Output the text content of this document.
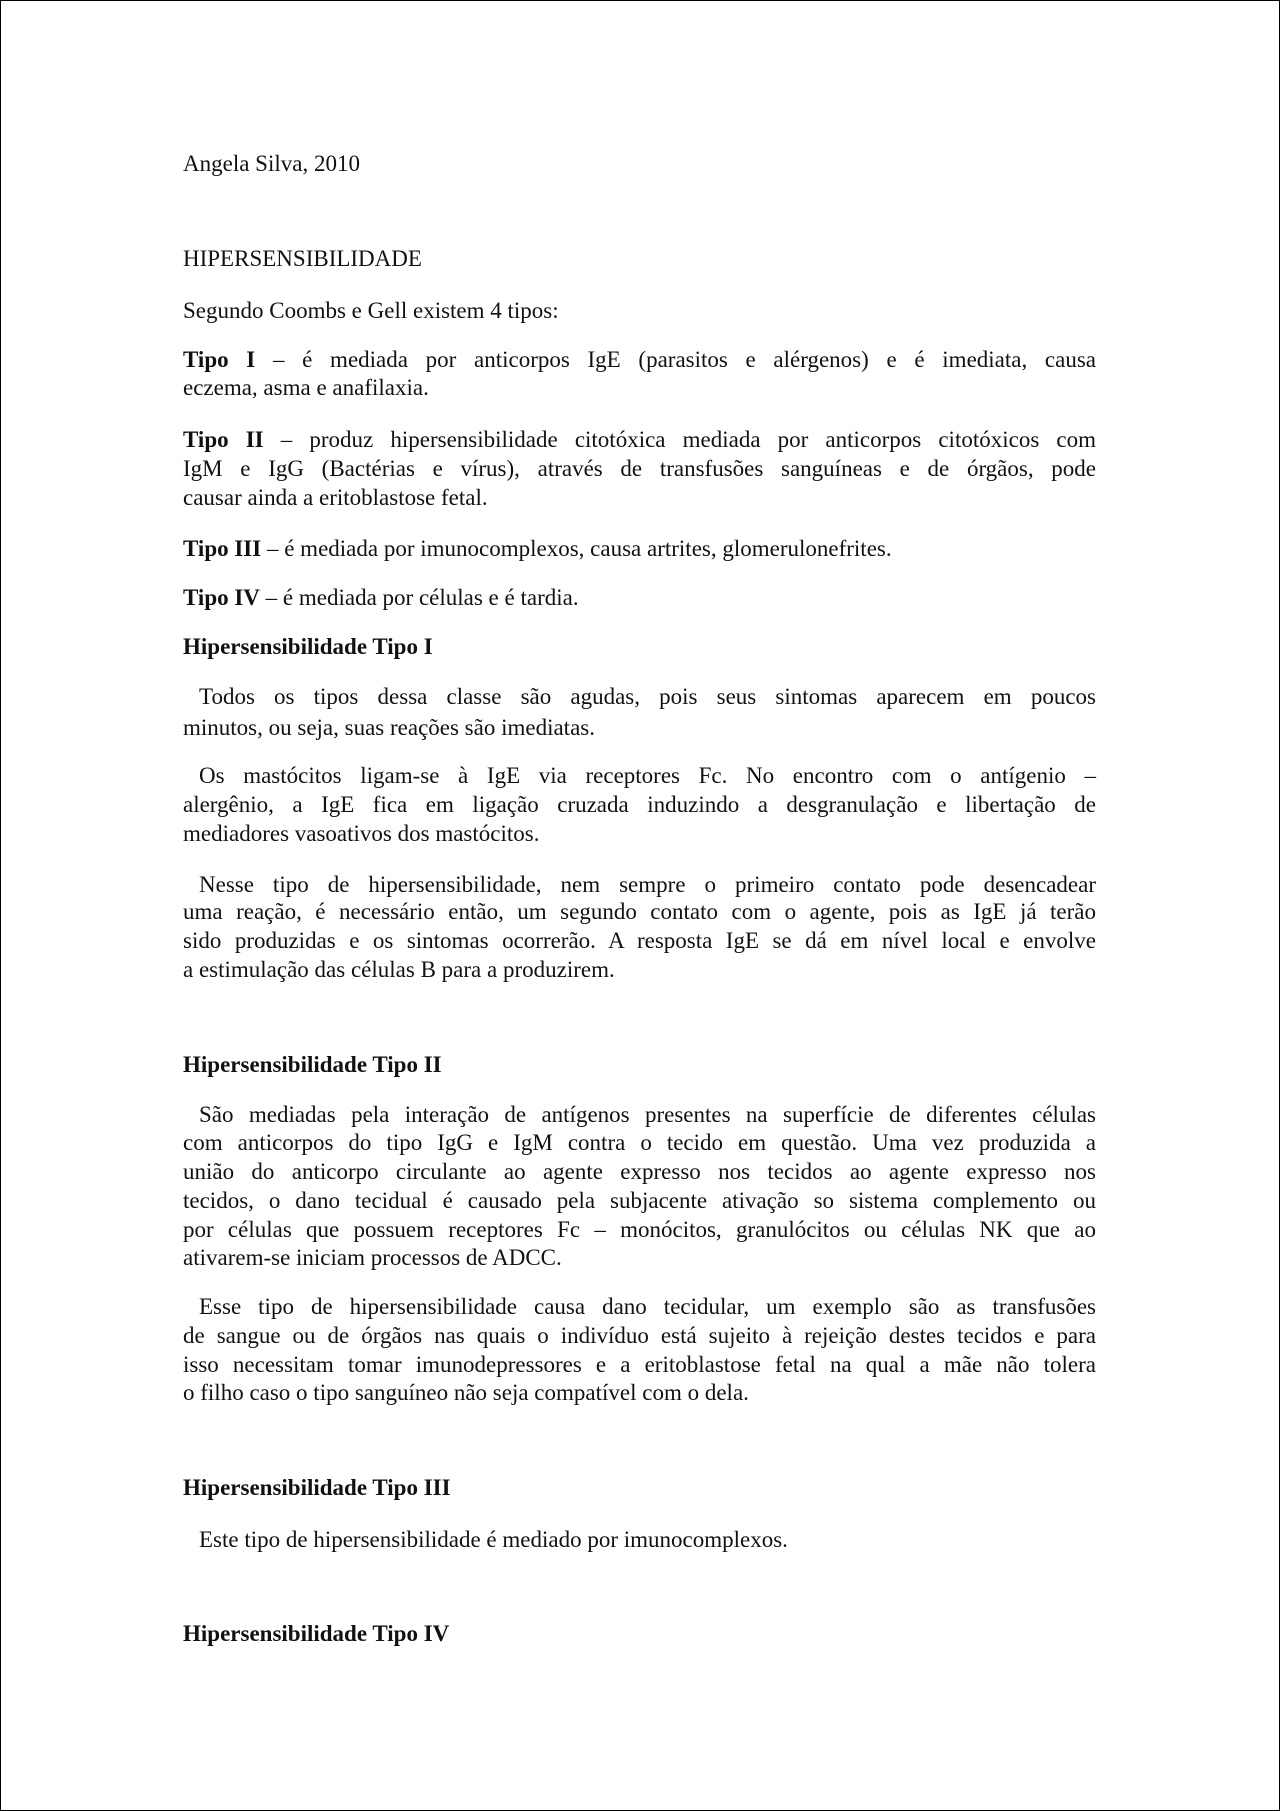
Angela Silva, 2010
HIPERSENSIBILIDADE
Segundo Coombs e Gell existem 4 tipos:
Tipo I – é mediada por anticorpos IgE (parasitos e alérgenos) e é imediata, causa
eczema, asma e anafilaxia.
Tipo II – produz hipersensibilidade citotóxica mediada por anticorpos citotóxicos com
IgM e IgG (Bactérias e vírus), através de transfusões sanguíneas e de órgãos, pode
causar ainda a eritoblastose fetal.
Tipo III – é mediada por imunocomplexos, causa artrites, glomerulonefrites.
Tipo IV – é mediada por células e é tardia.
Hipersensibilidade Tipo I
Todos os tipos dessa classe são agudas, pois seus sintomas aparecem em poucos
minutos, ou seja, suas reações são imediatas.
Os mastócitos ligam-se à IgE via receptores Fc. No encontro com o antígenio –
alergênio, a IgE fica em ligação cruzada induzindo a desgranulação e libertação de
mediadores vasoativos dos mastócitos.
Nesse tipo de hipersensibilidade, nem sempre o primeiro contato pode desencadear
uma reação, é necessário então, um segundo contato com o agente, pois as IgE já terão
sido produzidas e os sintomas ocorrerão. A resposta IgE se dá em nível local e envolve
a estimulação das células B para a produzirem.
Hipersensibilidade Tipo II
São mediadas pela interação de antígenos presentes na superfície de diferentes células
com anticorpos do tipo IgG e IgM contra o tecido em questão. Uma vez produzida a
união do anticorpo circulante ao agente expresso nos tecidos ao agente expresso nos
tecidos, o dano tecidual é causado pela subjacente ativação so sistema complemento ou
por células que possuem receptores Fc – monócitos, granulócitos ou células NK que ao
ativarem-se iniciam processos de ADCC.
Esse tipo de hipersensibilidade causa dano tecidular, um exemplo são as transfusões
de sangue ou de órgãos nas quais o indivíduo está sujeito à rejeição destes tecidos e para
isso necessitam tomar imunodepressores e a eritoblastose fetal na qual a mãe não tolera
o filho caso o tipo sanguíneo não seja compatível com o dela.
Hipersensibilidade Tipo III
Este tipo de hipersensibilidade é mediado por imunocomplexos.
Hipersensibilidade Tipo IV
